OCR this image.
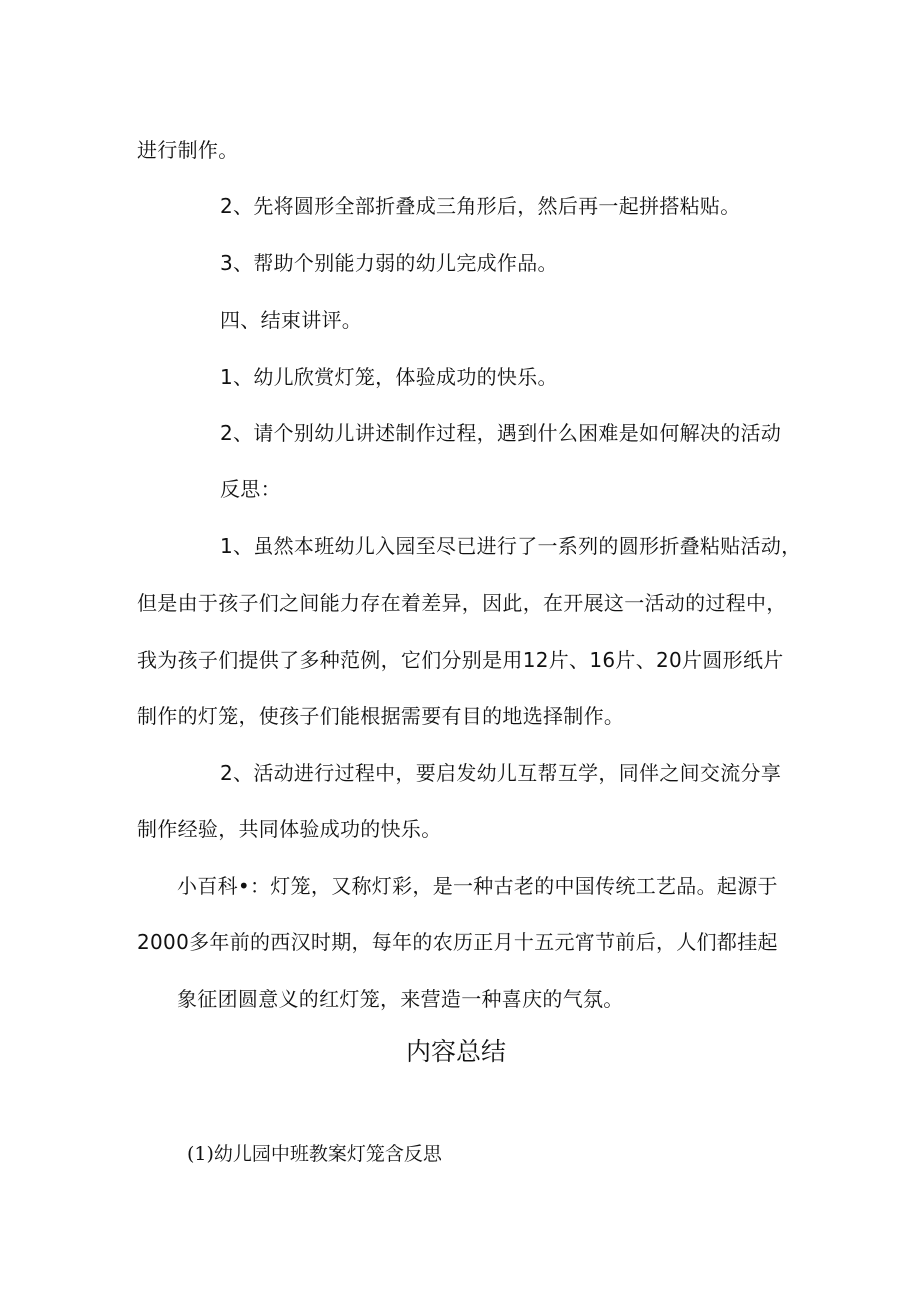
进行制作。
2、先将圆形全部折叠成三角形后，然后再一起拼搭粘贴。
3、帮助个别能力弱的幼儿完成作品。
四、结束讲评。
1、幼儿欣赏灯笼，体验成功的快乐。
2、请个别幼儿讲述制作过程，遇到什么困难是如何解决的活动
反思：
1、虽然本班幼儿入园至尽已进行了一系列的圆形折叠粘贴活动，
但是由于孩子们之间能力存在着差异，因此，在开展这一活动的过程中，
我为孩子们提供了多种范例，它们分别是用12片、16片、20片圆形纸片
制作的灯笼，使孩子们能根据需要有目的地选择制作。
2、活动进行过程中，要启发幼儿互帮互学，同伴之间交流分享
制作经验，共同体验成功的快乐。
小百科•：灯笼，又称灯彩，是一种古老的中国传统工艺品。起源于
2000多年前的西汉时期，每年的农历正月十五元宵节前后，人们都挂起
象征团圆意义的红灯笼，来营造一种喜庆的气氛。
内容总结
(1)幼儿园中班教案灯笼含反思
